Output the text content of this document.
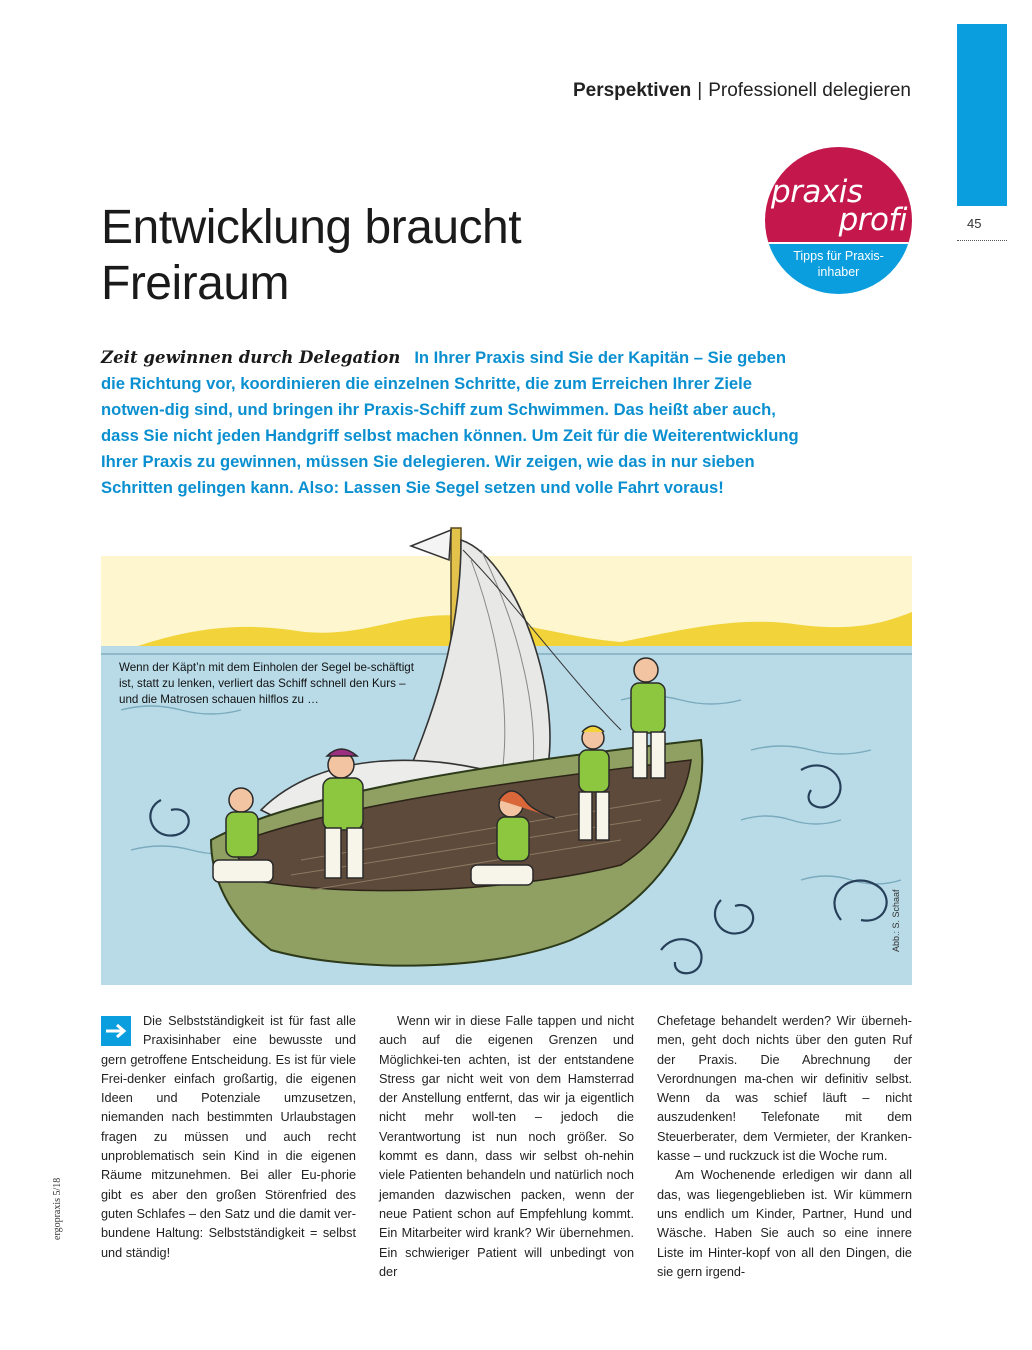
45
Perspektiven | Professionell delegieren
praxis
profi
Tipps für Praxis-
inhaber
Entwicklung braucht
Freiraum
Zeit gewinnen durch Delegation In Ihrer Praxis sind Sie der Kapitän – Sie geben die Richtung vor, koordinieren die einzelnen Schritte, die zum Erreichen Ihrer Ziele notwen-dig sind, und bringen ihr Praxis-Schiff zum Schwimmen. Das heißt aber auch, dass Sie nicht jeden Handgriff selbst machen können. Um Zeit für die Weiterentwicklung Ihrer Praxis zu gewinnen, müssen Sie delegieren. Wir zeigen, wie das in nur sieben Schritten gelingen kann. Also: Lassen Sie Segel setzen und volle Fahrt voraus!
Wenn der Käpt’n mit dem Einholen der Segel be-schäftigt ist, statt zu lenken, verliert das Schiff schnell den Kurs – und die Matrosen schauen hilflos zu …
Abb.: S. Schaaf

Die Selbstständigkeit ist für fast alle Praxisinhaber eine bewusste und gern getroffene Entscheidung. Es ist für viele Frei-denker einfach großartig, die eigenen Ideen und Potenziale umzusetzen, niemanden nach bestimmten Urlaubstagen fragen zu müssen und auch recht unproblematisch sein Kind in die eigenen Räume mitzunehmen. Bei aller Eu-phorie gibt es aber den großen Störenfried des guten Schlafes – den Satz und die damit ver-bundene Haltung: Selbstständigkeit = selbst und ständig!

Wenn wir in diese Falle tappen und nicht auch auf die eigenen Grenzen und Möglichkei-ten achten, ist der entstandene Stress gar nicht weit von dem Hamsterrad der Anstellung entfernt, das wir ja eigentlich nicht mehr woll-ten – jedoch die Verantwortung ist nun noch größer. So kommt es dann, dass wir selbst oh-nehin viele Patienten behandeln und natürlich noch jemanden dazwischen packen, wenn der neue Patient schon auf Empfehlung kommt. Ein Mitarbeiter wird krank? Wir übernehmen. Ein schwieriger Patient will unbedingt von der

Chefetage behandelt werden? Wir überneh-men, geht doch nichts über den guten Ruf der Praxis. Die Abrechnung der Verordnungen ma-chen wir definitiv selbst. Wenn da was schief läuft – nicht auszudenken! Telefonate mit dem Steuerberater, dem Vermieter, der Kranken-kasse – und ruckzuck ist die Woche rum.

Am Wochenende erledigen wir dann all das, was liegengeblieben ist. Wir kümmern uns endlich um Kinder, Partner, Hund und Wäsche. Haben Sie auch so eine innere Liste im Hinter-kopf von all den Dingen, die sie gern irgend-

ergopraxis 5/18
